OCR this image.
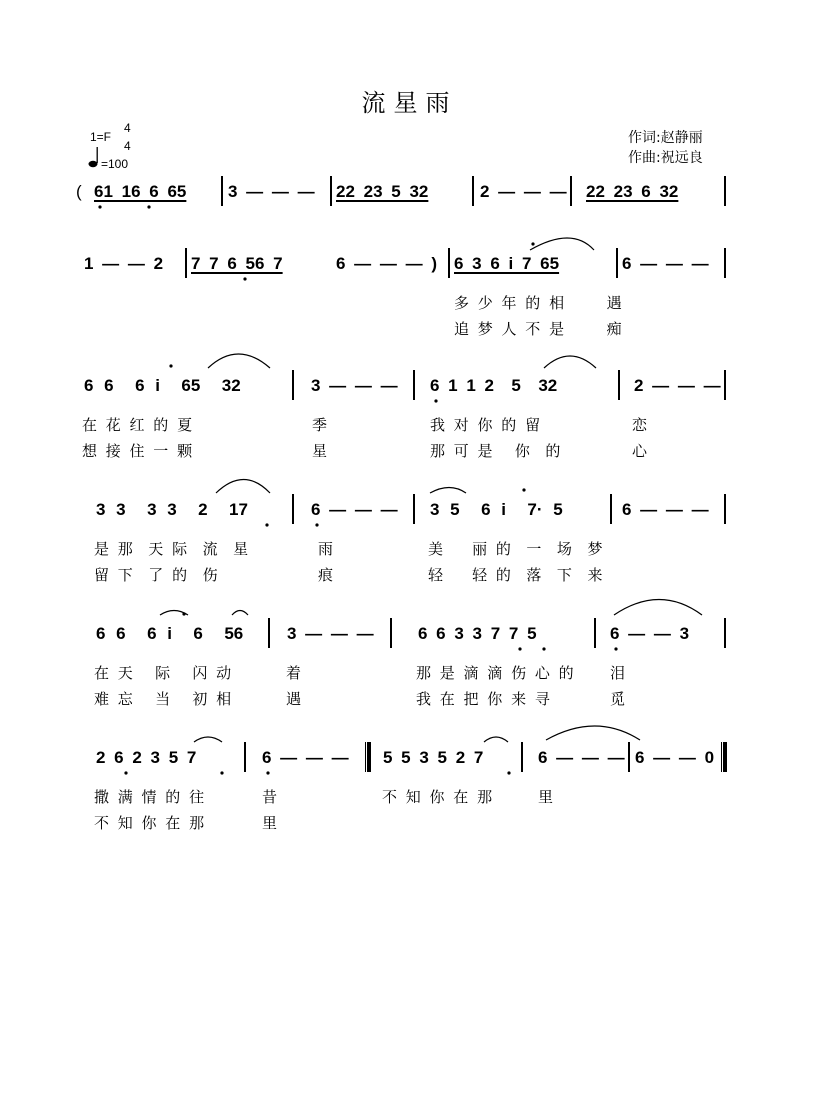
流星雨
1=F
4
4
=100
作词:赵静丽
作曲:祝远良
( 61 16 6 65 3 — — — 22 23 5 32	2 — — — 22 23 6 32
1 — — 2 7 7 6 56 7	6 — — — ) 6 3 6 i 7 65	6 — — —
多 少 年 的 相      遇
追 梦 人 不 是      痴
6 6  6 i  65  32	3 — — — 6 1 1 2  5  32	2 — — —
在 花 红 的 夏	季	我 对 你 的 留	恋
想 接 住 一 颗	星	那 可 是   你  的	心
3 3  3 3  2  17	6 — — — 3 5  6 i  7· 5	6 — — —
是 那  天 际  流  星	雨	美    丽 的  一  场  梦
留 下  了 的  伤	痕	轻    轻 的  落  下  来
6 6  6 i  6  56	3 — — —	6 6 3 3 7 7 5	6 — — 3
在 天   际   闪 动	着	那 是 滴 滴 伤 心 的 泪
难 忘   当   初 相	遇	我 在 把 你 来 寻	觅
2 6 2 3 5 7	6 — — — 5 5 3 5 2 7	6 — — — 6 — — 0
撒 满 情 的 往	昔	不 知 你 在 那	里
不 知 你 在 那	里
